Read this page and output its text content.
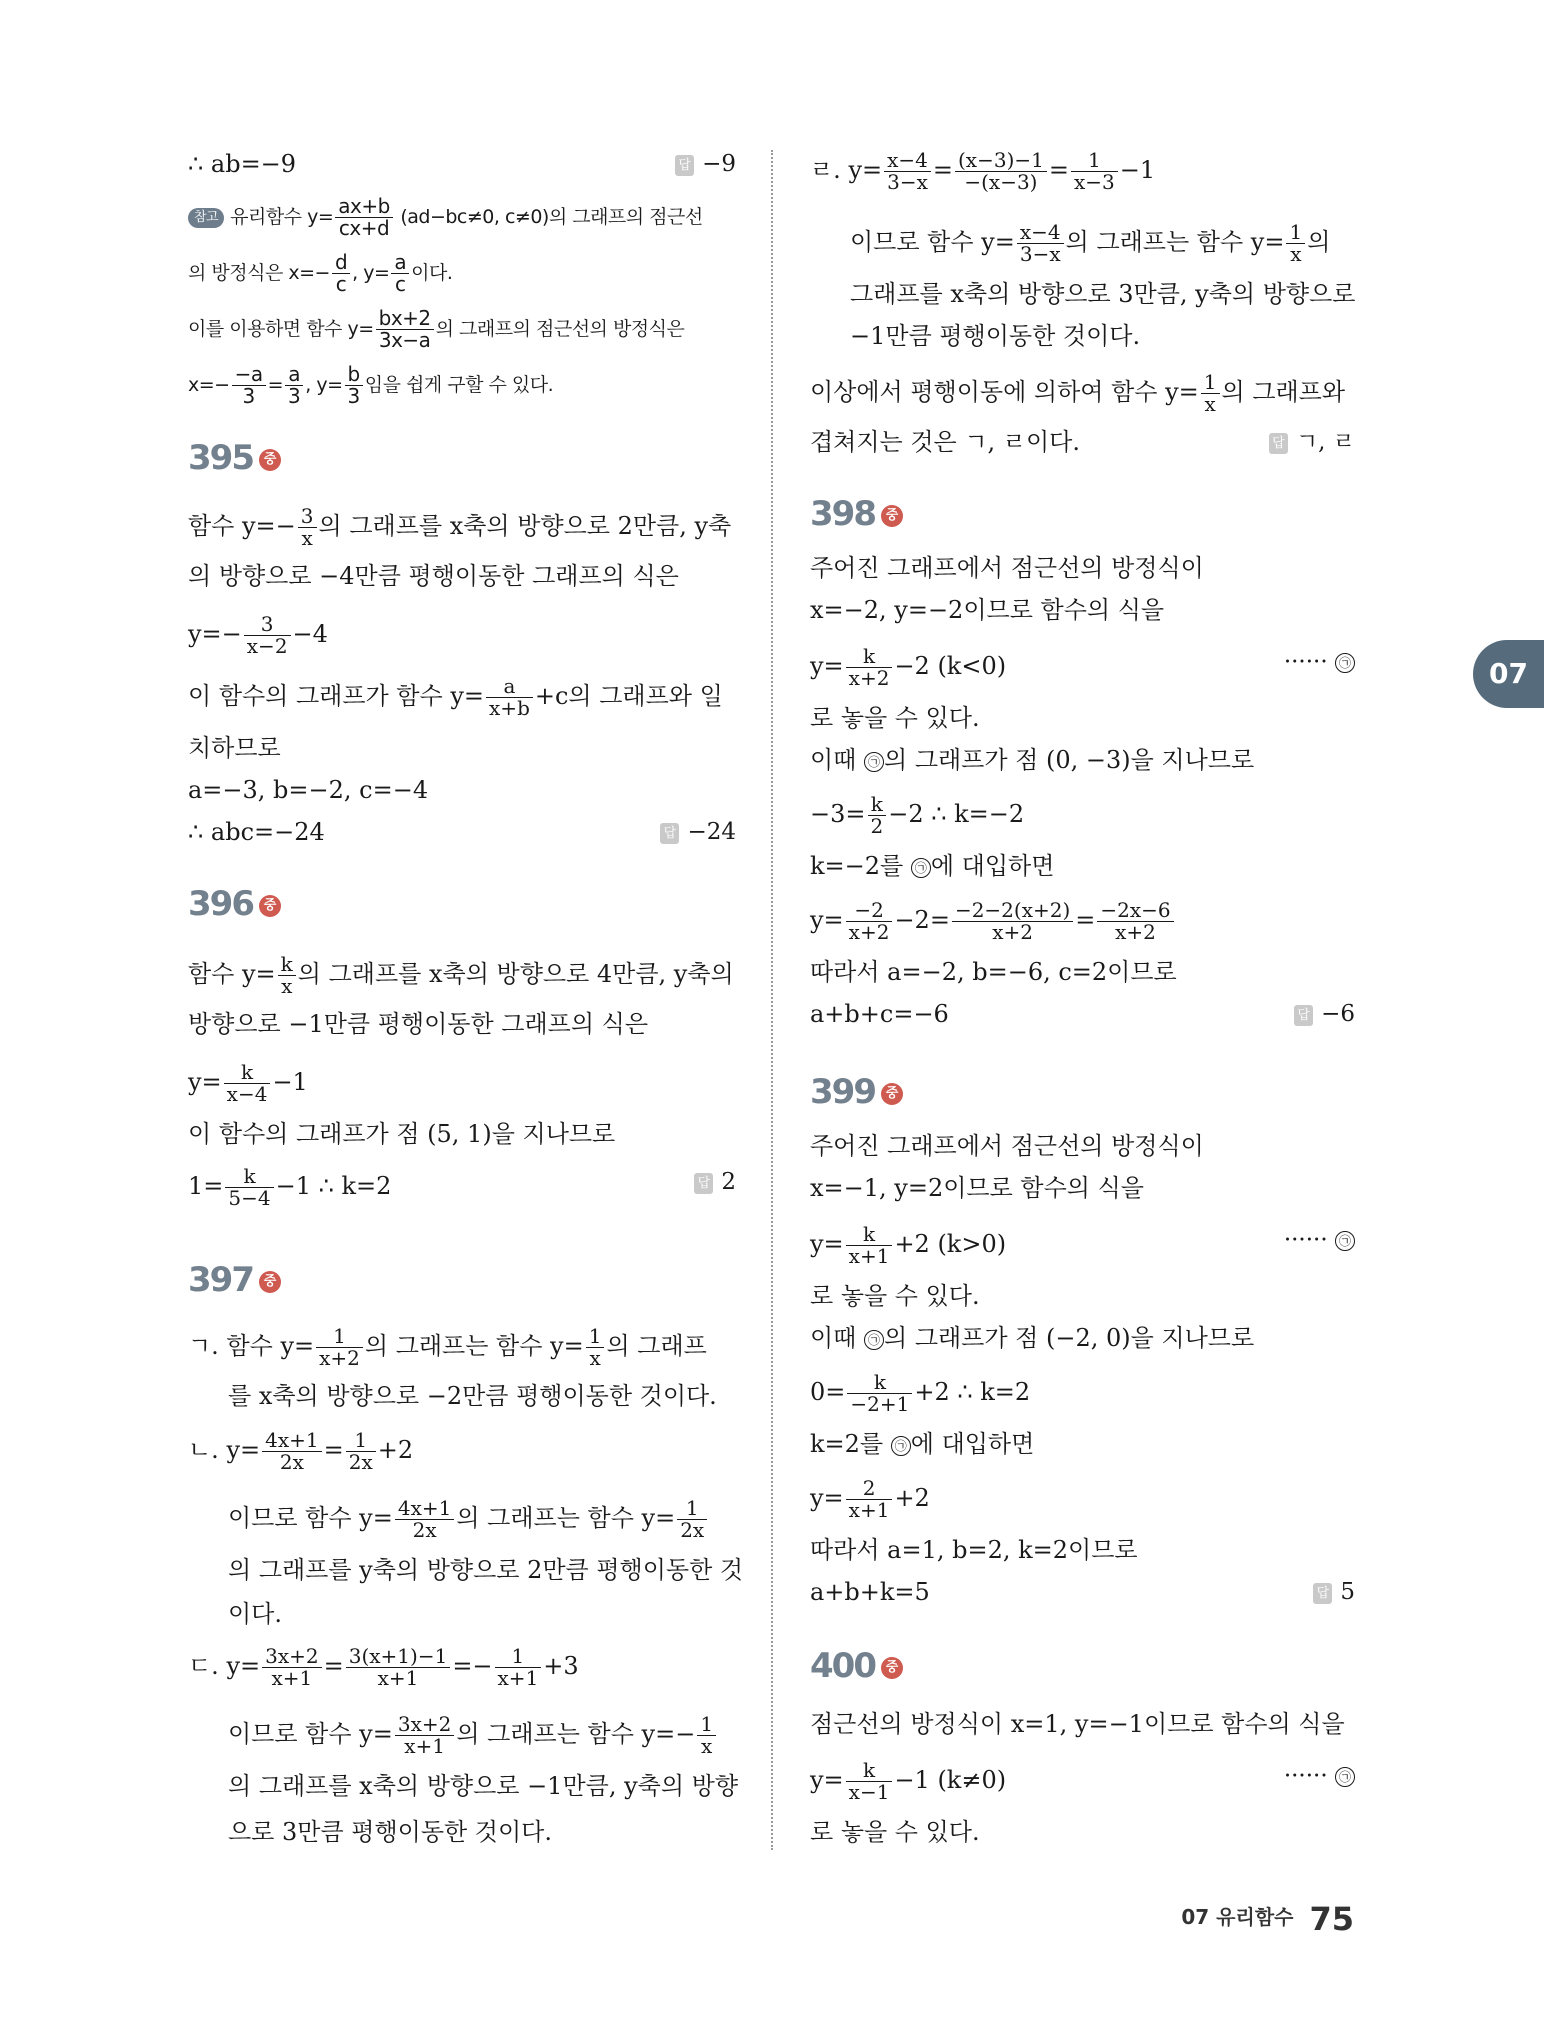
07
∴ ab=−9	답 −9
참고 유리함수 $y= \frac{ax+b}{cx+d} (ad-bc\ne 0$, c≠0)의 그래프의 점근선
의 방정식은 $x=- \frac{d}{c}$ , $y= \frac{a}{c}$ 이다.
이를 이용하면 함수 $y= \frac{bx+2}{3x-a}$ 의 그래프의 점근선의 방정식은
$x=- \frac{-a}{3} = \frac{a}{3}$ , $y= \frac{b}{3}$ 임을 쉽게 구할 수 있다.
395 중
함수 $y=- \frac{3}{x}$ 의 그래프를 x축의 방향으로 2만큼, y축
의 방향으로 −4만큼 평행이동한 그래프의 식은
$y=- \frac{3}{x-2} -4$
이 함수의 그래프가 함수 $y= \frac{a}{x+b} +c$의 그래프와 일
치하므로
a=−3, b=−2, c=−4
∴ abc=−24	답 −24
396 중
함수 $y= \frac{k}{x}$ 의 그래프를 x축의 방향으로 4만큼, y축의
방향으로 −1만큼 평행이동한 그래프의 식은
$y= \frac{k}{x-4} -1$
이 함수의 그래프가 점 (5, 1)을 지나므로
$1= \frac{k}{5-4} -1$ ∴ k=2	답 2
397 중
ㄱ. 함수 $y= \frac{1}{x+2}$ 의 그래프는 함수 $y= \frac{1}{x}$ 의 그래프
를 x축의 방향으로 −2만큼 평행이동한 것이다.
ㄴ. $y= \frac{4x+1}{2x} = \frac{1}{2x} +2$
이므로 함수 $y= \frac{4x+1}{2x}$ 의 그래프는 함수 $y= \frac{1}{2x}$
의 그래프를 y축의 방향으로 2만큼 평행이동한 것
이다.
ㄷ. $y= \frac{3x+2}{x+1} = \frac{3(x+1)-1}{x+1} =- \frac{1}{x+1} +3$
이므로 함수 $y= \frac{3x+2}{x+1}$ 의 그래프는 함수 $y=- \frac{1}{x}$
의 그래프를 x축의 방향으로 −1만큼, y축의 방향
으로 3만큼 평행이동한 것이다.
ㄹ. $y= \frac{x-4}{3-x} = \frac{(x-3)-1}{-(x-3)} = \frac{1}{x-3} -1$
이므로 함수 $y= \frac{x-4}{3-x}$ 의 그래프는 함수 $y= \frac{1}{x}$ 의
그래프를 x축의 방향으로 3만큼, y축의 방향으로
−1만큼 평행이동한 것이다.
이상에서 평행이동에 의하여 함수 $y= \frac{1}{x}$ 의 그래프와
겹쳐지는 것은 ㄱ, ㄹ이다.	답 ㄱ, ㄹ
398 중
주어진 그래프에서 점근선의 방정식이
x=−2, y=−2이므로 함수의 식을
$y= \frac{k}{x+2} -2$ (k<0)	······ ㉠
로 놓을 수 있다.
이때 ㉠ 의 그래프가 점 (0, −3)을 지나므로
$-3= \frac{k}{2} -2$ ∴ k=−2
k=−2를 ㉠ 에 대입하면
$y= \frac{-2}{x+2} -2= \frac{-2-2(x+2)}{x+2} = \frac{-2x-6}{x+2}$
따라서 a=−2, b=−6, c=2이므로
a+b+c=−6	답 −6
399 중
주어진 그래프에서 점근선의 방정식이
x=−1, y=2이므로 함수의 식을
$y= \frac{k}{x+1} +2$ (k>0)	······ ㉠
로 놓을 수 있다.
이때 ㉠ 의 그래프가 점 (−2, 0)을 지나므로
$0= \frac{k}{-2+1} +2$ ∴ k=2
k=2를 ㉠ 에 대입하면
$y= \frac{2}{x+1} +2$
따라서 a=1, b=2, k=2이므로
a+b+k=5	답 5
400 중
점근선의 방정식이 x=1, y=−1이므로 함수의 식을
$y= \frac{k}{x-1} -1$ (k≠0)	······ ㉠
로 놓을 수 있다.
07 유리함수 75
